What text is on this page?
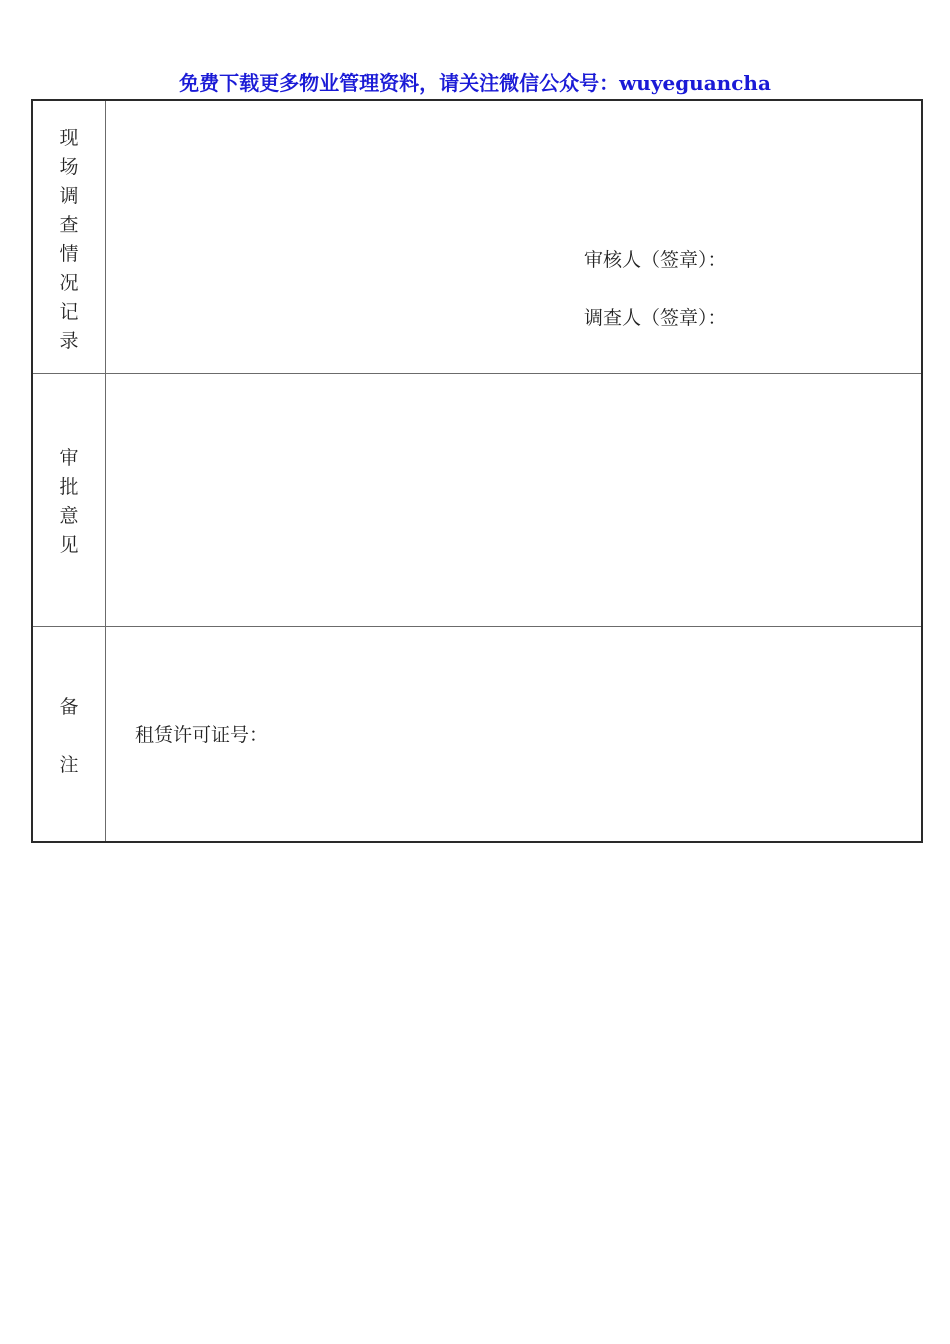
免费下载更多物业管理资料，请关注微信公众号：wuyeguancha
现
场
调
查
情
况
记
录
审核人（签章）：
调查人（签章）：
审
批
意
见
备
注
租赁许可证号：
